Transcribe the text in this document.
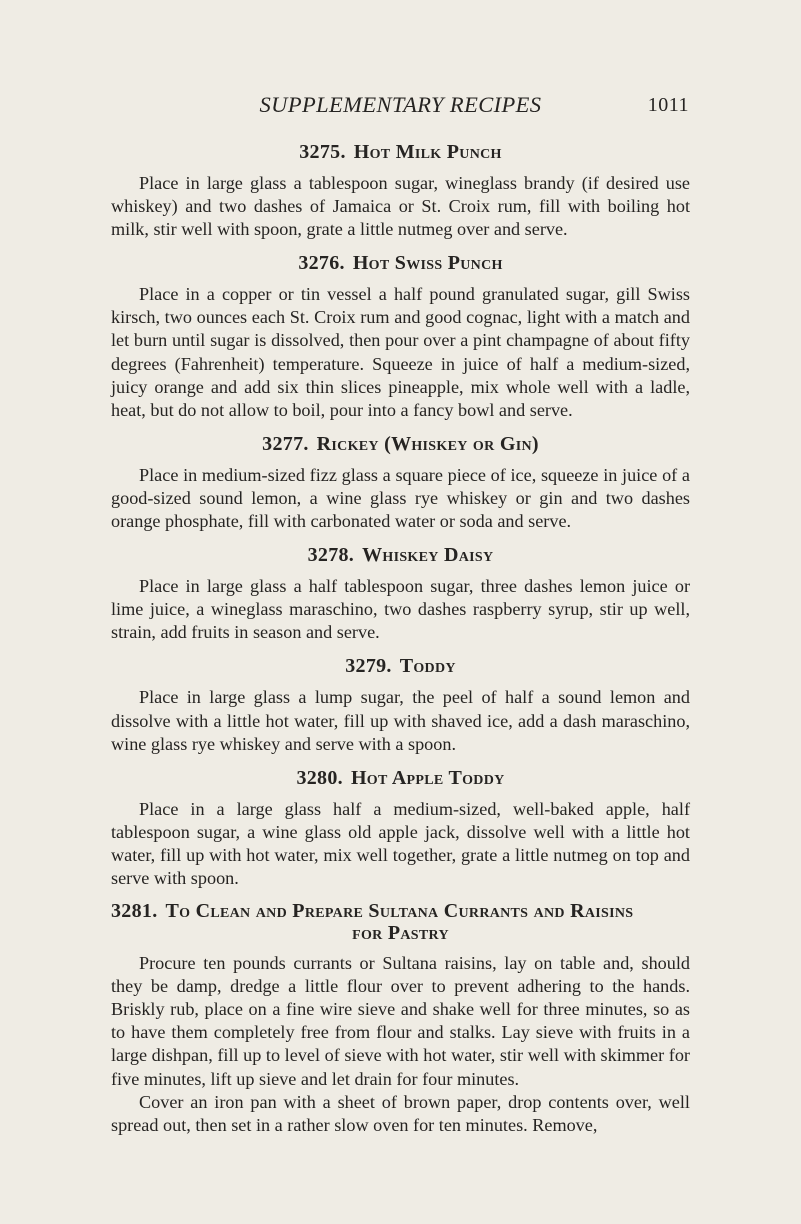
SUPPLEMENTARY RECIPES	1011
3275. Hot Milk Punch

Place in large glass a tablespoon sugar, wineglass brandy (if desired use whiskey) and two dashes of Jamaica or St. Croix rum, fill with boiling hot milk, stir well with spoon, grate a little nutmeg over and serve.

3276. Hot Swiss Punch

Place in a copper or tin vessel a half pound granulated sugar, gill Swiss kirsch, two ounces each St. Croix rum and good cognac, light with a match and let burn until sugar is dissolved, then pour over a pint champagne of about fifty degrees (Fahrenheit) temperature. Squeeze in juice of half a medium-sized, juicy orange and add six thin slices pineapple, mix whole well with a ladle, heat, but do not allow to boil, pour into a fancy bowl and serve.

3277. Rickey (Whiskey or Gin)

Place in medium-sized fizz glass a square piece of ice, squeeze in juice of a good-sized sound lemon, a wine glass rye whiskey or gin and two dashes orange phosphate, fill with carbonated water or soda and serve.

3278. Whiskey Daisy

Place in large glass a half tablespoon sugar, three dashes lemon juice or lime juice, a wineglass maraschino, two dashes raspberry syrup, stir up well, strain, add fruits in season and serve.

3279. Toddy

Place in large glass a lump sugar, the peel of half a sound lemon and dissolve with a little hot water, fill up with shaved ice, add a dash maraschino, wine glass rye whiskey and serve with a spoon.

3280. Hot Apple Toddy

Place in a large glass half a medium-sized, well-baked apple, half tablespoon sugar, a wine glass old apple jack, dissolve well with a little hot water, fill up with hot water, mix well together, grate a little nutmeg on top and serve with spoon.

3281. To Clean and Prepare Sultana Currants and Raisins
for Pastry

Procure ten pounds currants or Sultana raisins, lay on table and, should they be damp, dredge a little flour over to prevent adhering to the hands. Briskly rub, place on a fine wire sieve and shake well for three minutes, so as to have them completely free from flour and stalks. Lay sieve with fruits in a large dishpan, fill up to level of sieve with hot water, stir well with skimmer for five minutes, lift up sieve and let drain for four minutes.

Cover an iron pan with a sheet of brown paper, drop contents over, well spread out, then set in a rather slow oven for ten minutes. Remove,
